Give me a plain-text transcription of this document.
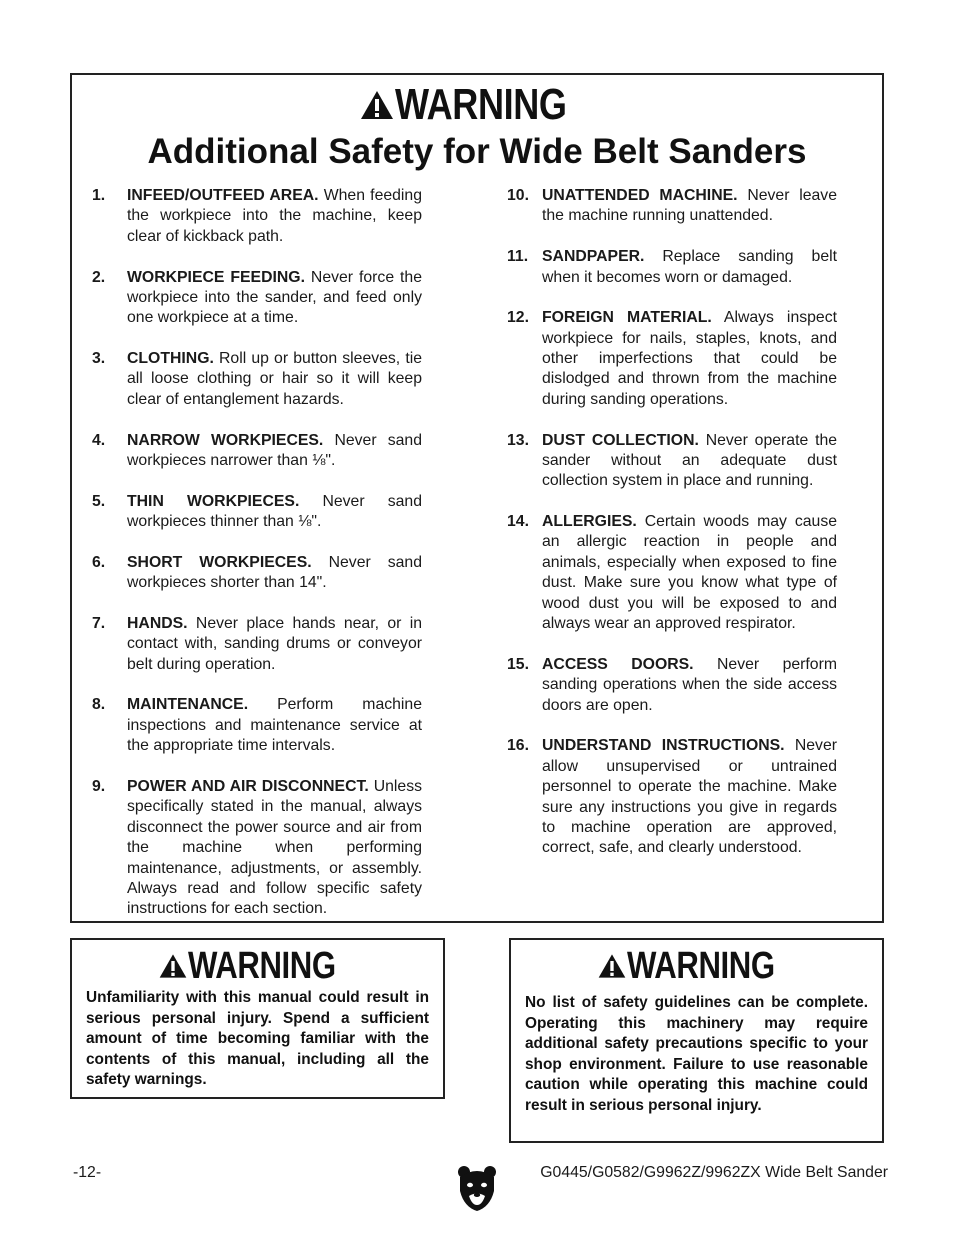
WARNING
Additional Safety for Wide Belt Sanders
1.	INFEED/OUTFEED AREA. When feeding the workpiece into the machine, keep clear of kickback path.
2.	WORKPIECE FEEDING. Never force the workpiece into the sander, and feed only one workpiece at a time.
3.	CLOTHING. Roll up or button sleeves, tie all loose clothing or hair so it will keep clear of entanglement hazards.
4.	NARROW WORKPIECES. Never sand workpieces narrower than ⅛".
5.	THIN WORKPIECES. Never sand workpieces thinner than ⅛".
6.	SHORT WORKPIECES. Never sand workpieces shorter than 14".
7.	HANDS. Never place hands near, or in contact with, sanding drums or conveyor belt during operation.
8.	MAINTENANCE. Perform machine inspections and maintenance service at the appropriate time intervals.
9.	POWER AND AIR DISCONNECT. Unless specifically stated in the manual, always disconnect the power source and air from the machine when performing maintenance, adjustments, or assembly. Always read and follow specific safety instructions for each section.
10. UNATTENDED MACHINE. Never leave the machine running unattended.
11. SANDPAPER. Replace sanding belt when it becomes worn or damaged.
12. FOREIGN MATERIAL. Always inspect workpiece for nails, staples, knots, and other imperfections that could be dislodged and thrown from the machine during sanding operations.
13. DUST COLLECTION. Never operate the sander without an adequate dust collection system in place and running.
14. ALLERGIES. Certain woods may cause an allergic reaction in people and animals, especially when exposed to fine dust. Make sure you know what type of wood dust you will be exposed to and always wear an approved respirator.
15. ACCESS DOORS. Never perform sanding operations when the side access doors are open.
16. UNDERSTAND INSTRUCTIONS. Never allow unsupervised or untrained personnel to operate the machine. Make sure any instructions you give in regards to machine operation are approved, correct, safe, and clearly understood.
WARNING
Unfamiliarity with this manual could result in serious personal injury. Spend a sufficient amount of time becoming familiar with the contents of this manual, including all the safety warnings.
WARNING
No list of safety guidelines can be complete. Operating this machinery may require additional safety precautions specific to your shop environment. Failure to use reasonable caution while operating this machine could result in serious personal injury.
-12-	G0445/G0582/G9962Z/9962ZX Wide Belt Sander
